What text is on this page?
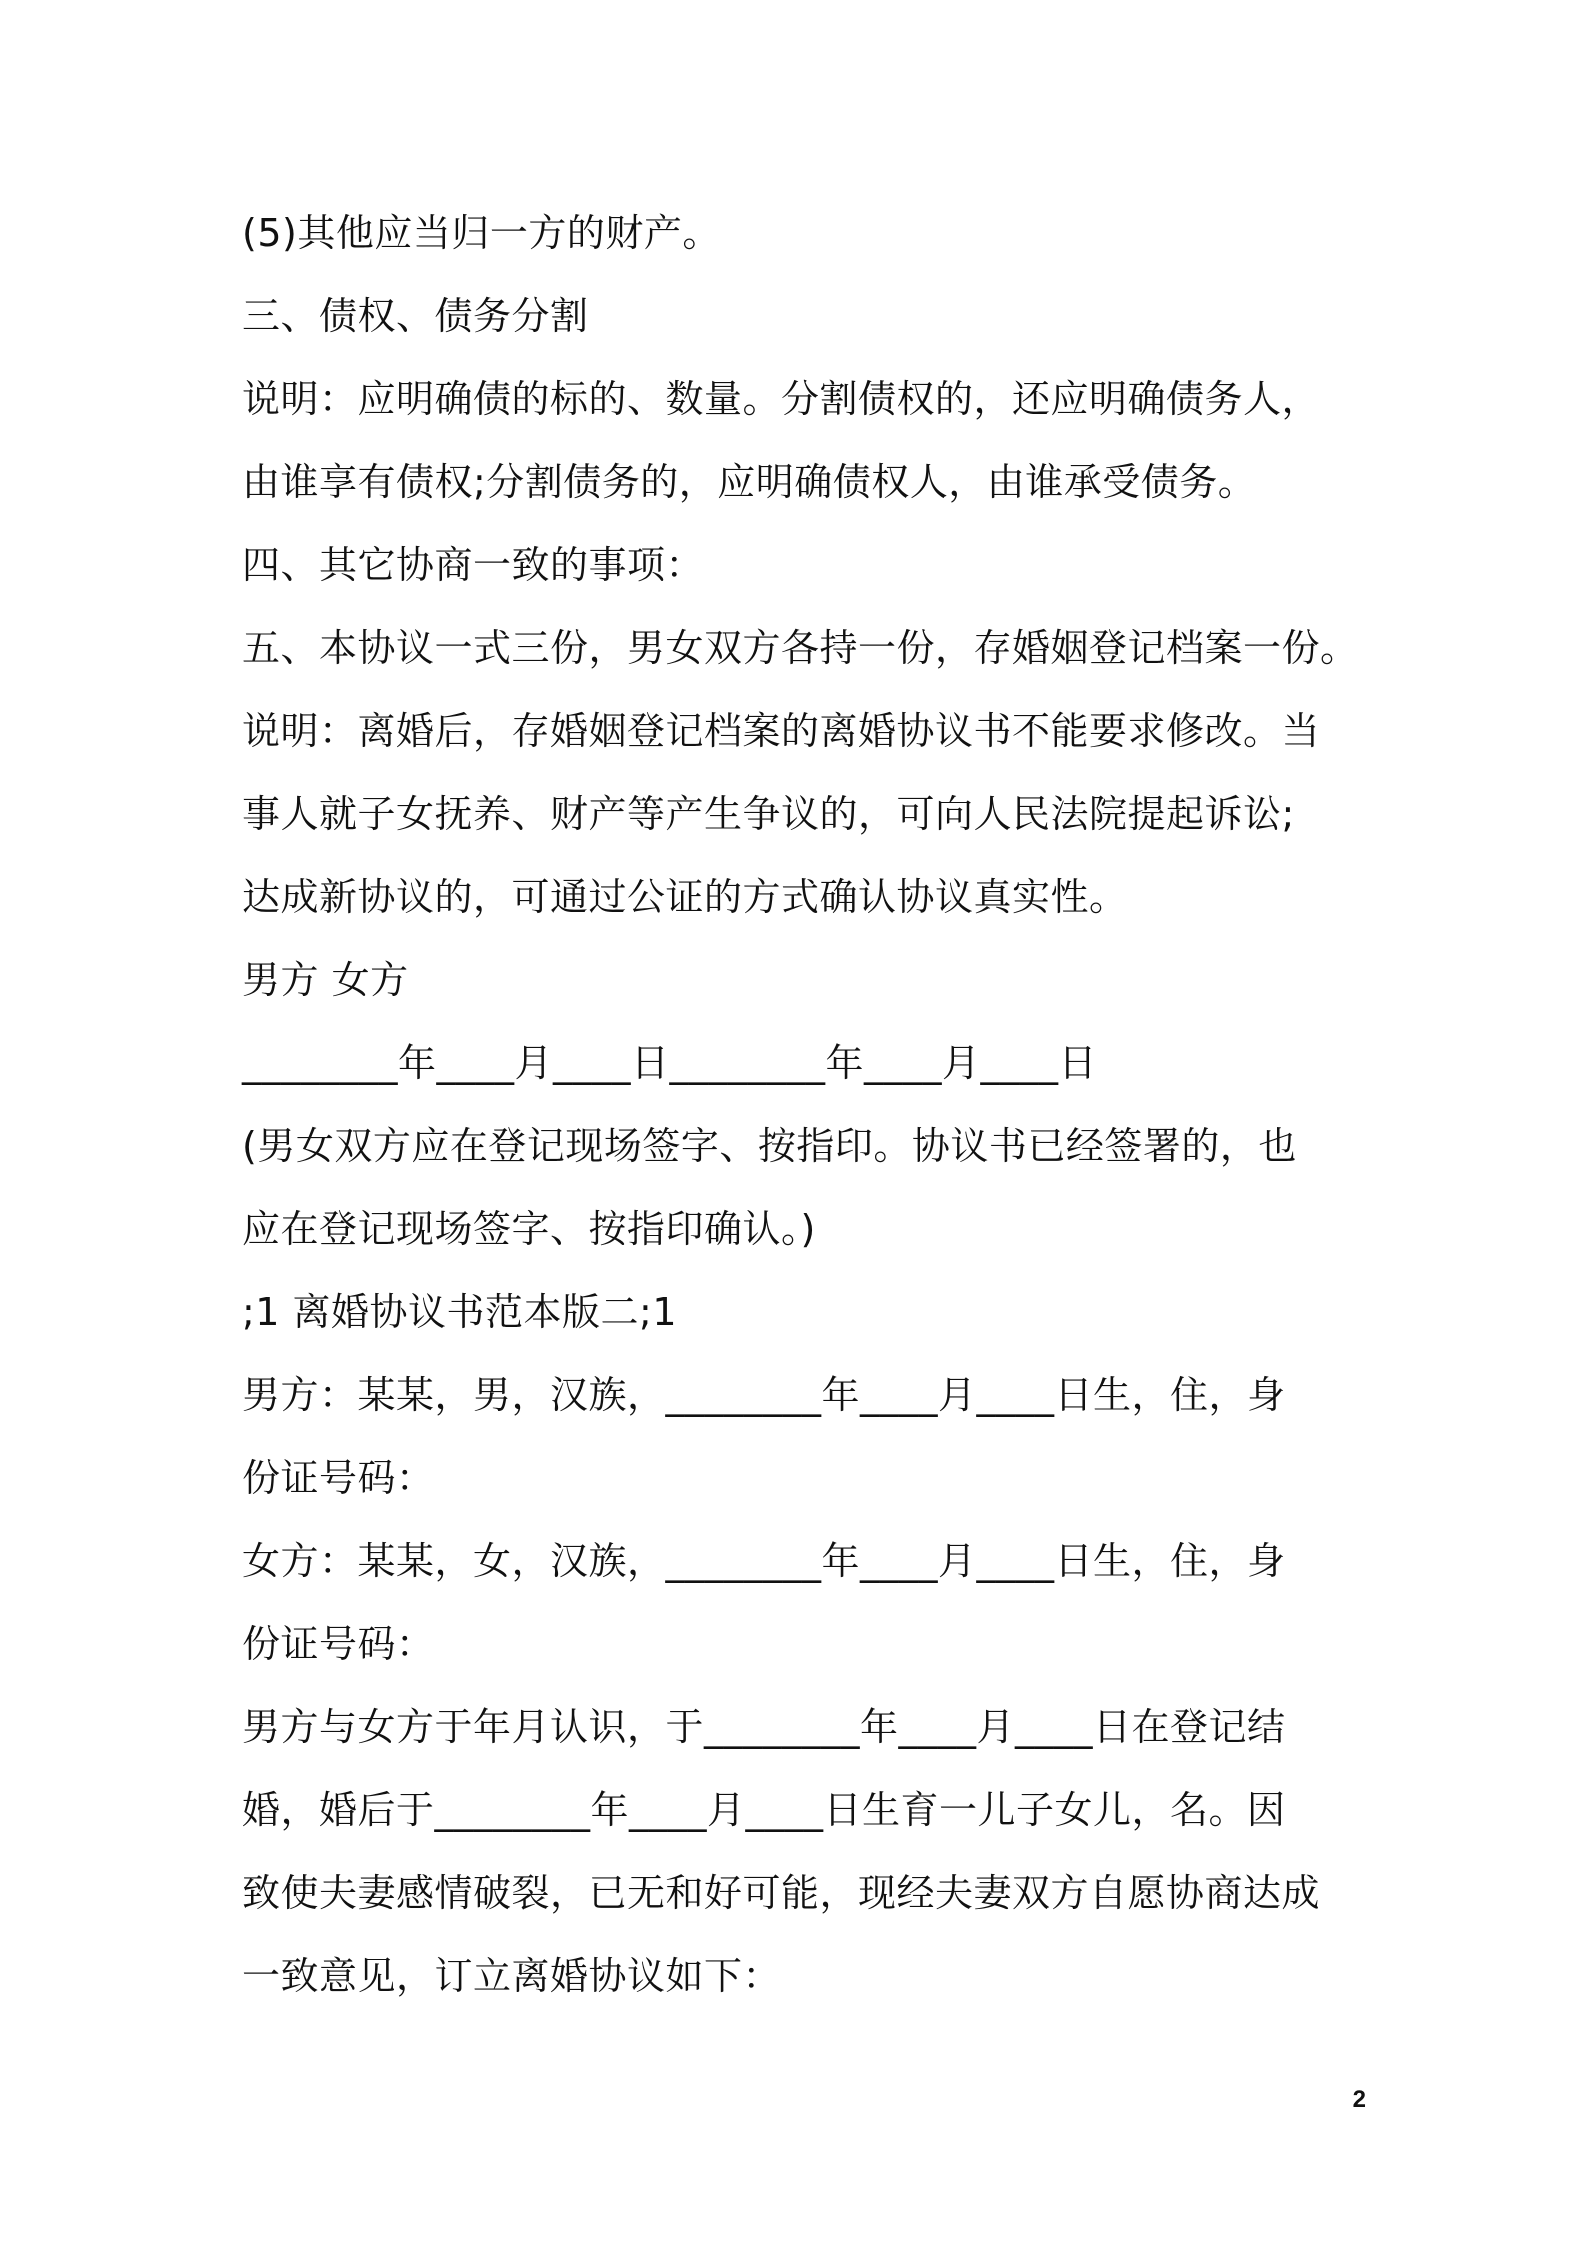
(5)其他应当归一方的财产。
三、债权、债务分割
说明：应明确债的标的、数量。分割债权的，还应明确债务人，
由谁享有债权;分割债务的，应明确债权人，由谁承受债务。
四、其它协商一致的事项：
五、本协议一式三份，男女双方各持一份，存婚姻登记档案一份。
说明：离婚后，存婚姻登记档案的离婚协议书不能要求修改。当
事人就子女抚养、财产等产生争议的，可向人民法院提起诉讼;
达成新协议的，可通过公证的方式确认协议真实性。
男方 女方
________年____月____日________年____月____日
(男女双方应在登记现场签字、按指印。协议书已经签署的，也
应在登记现场签字、按指印确认。)
;1 离婚协议书范本版二;1
男方：某某，男，汉族，________年____月____日生，住，身
份证号码：
女方：某某，女，汉族，________年____月____日生，住，身
份证号码：
男方与女方于年月认识，于________年____月____日在登记结
婚，婚后于________年____月____日生育一儿子女儿，名。因
致使夫妻感情破裂，已无和好可能，现经夫妻双方自愿协商达成
一致意见，订立离婚协议如下：
2
